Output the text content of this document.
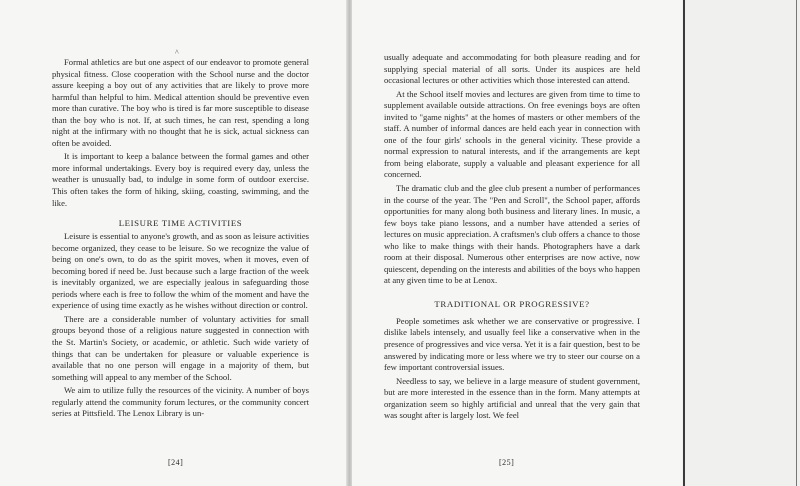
^

Formal athletics are but one aspect of our endeavor to promote general physical fitness. Close cooperation with the School nurse and the doctor assure keeping a boy out of any activities that are likely to prove more harmful than helpful to him. Medical attention should be preventive even more than curative. The boy who is tired is far more susceptible to disease than the boy who is not. If, at such times, he can rest, spending a long night at the infirmary with no thought that he is sick, actual sickness can often be avoided.

It is important to keep a balance between the formal games and other more informal undertakings. Every boy is required every day, unless the weather is unusually bad, to indulge in some form of outdoor exercise. This often takes the form of hiking, skiing, coasting, swimming, and the like.

LEISURE TIME ACTIVITIES

Leisure is essential to anyone's growth, and as soon as leisure activities become organized, they cease to be leisure. So we recognize the value of being on one's own, to do as the spirit moves, when it moves, even of becoming bored if need be. Just because such a large fraction of the week is inevitably organized, we are especially jealous in safeguarding those periods where each is free to follow the whim of the moment and have the experience of using time exactly as he wishes without direction or control.

There are a considerable number of voluntary activities for small groups beyond those of a religious nature suggested in connection with the St. Martin's Society, or academic, or athletic. Such wide variety of things that can be undertaken for pleasure or valuable experience is available that no one person will engage in a majority of them, but something will appeal to any member of the School.

We aim to utilize fully the resources of the vicinity. A number of boys regularly attend the community forum lectures, or the community concert series at Pittsfield. The Lenox Library is un-

[24]

usually adequate and accommodating for both pleasure reading and for supplying special material of all sorts. Under its auspices are held occasional lectures or other activities which those interested can attend.

At the School itself movies and lectures are given from time to time to supplement available outside attractions. On free evenings boys are often invited to "game nights" at the homes of masters or other members of the staff. A number of informal dances are held each year in connection with one of the four girls' schools in the general vicinity. These provide a normal expression to natural interests, and if the arrangements are kept from being elaborate, supply a valuable and pleasant experience for all concerned.

The dramatic club and the glee club present a number of performances in the course of the year. The "Pen and Scroll", the School paper, affords opportunities for many along both business and literary lines. In music, a few boys take piano lessons, and a number have attended a series of lectures on music appreciation. A craftsmen's club offers a chance to those who like to make things with their hands. Photographers have a dark room at their disposal. Numerous other enterprises are now active, now quiescent, depending on the interests and abilities of the boys who happen at any given time to be at Lenox.

TRADITIONAL OR PROGRESSIVE?

People sometimes ask whether we are conservative or progressive. I dislike labels intensely, and usually feel like a conservative when in the presence of progressives and vice versa. Yet it is a fair question, best to be answered by indicating more or less where we try to steer our course on a few important controversial issues.

Needless to say, we believe in a large measure of student government, but are more interested in the essence than in the form. Many attempts at organization seem so highly artificial and unreal that the very gain that was sought after is largely lost. We feel

[25]
